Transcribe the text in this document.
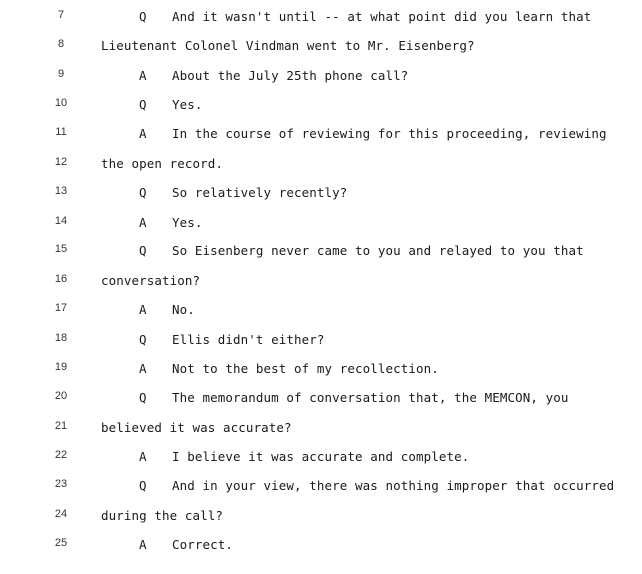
7	Q And it wasn't until -- at what point did you learn that
8	Lieutenant Colonel Vindman went to Mr. Eisenberg?
9	A About the July 25th phone call?
10	Q Yes.
11	A In the course of reviewing for this proceeding, reviewing
12	the open record.
13	Q So relatively recently?
14	A Yes.
15	Q So Eisenberg never came to you and relayed to you that
16	conversation?
17	A No.
18	Q Ellis didn't either?
19	A Not to the best of my recollection.
20	Q The memorandum of conversation that, the MEMCON, you
21	believed it was accurate?
22	A I believe it was accurate and complete.
23	Q And in your view, there was nothing improper that occurred
24	during the call?
25	A Correct.
